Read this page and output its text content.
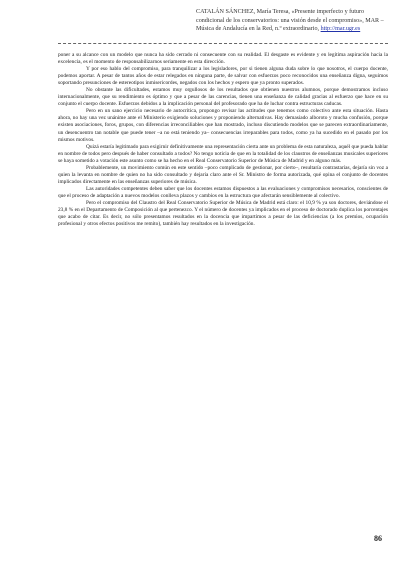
CATALÁN SÁNCHEZ, María Teresa, «Presente imperfecto y futuro condicional de los conservatorios: una visión desde el compromiso», MAR – Música de Andalucía en la Red, n.º extraordinario, http://mar.ugr.es

poner a su alcance con un modelo que nunca ha sido cerrado ni consecuente con su realidad. El desgaste es evidente y en legítima aspiración hacia la excelencia, es el momento de responsabilizarnos seriamente en esta dirección.

Y por eso hablo del compromiso, para tranquilizar a los legisladores, por si tienen alguna duda sobre lo que nosotros, el cuerpo docente, podemos aportar. A pesar de tantos años de estar relegados en ninguna parte, de salvar con esfuerzos poco reconocidos una enseñanza digna, seguimos soportando presunciones de estereotipos inmisericordes, negados con los hechos y espero que ya pronto superados.

No obstante las dificultades, estamos muy orgullosos de los resultados que obtienen nuestros alumnos, porque demostramos incluso internacionalmente, que su rendimiento es óptimo y que a pesar de las carencias, tienen una enseñanza de calidad gracias al esfuerzo que hace en su conjunto el cuerpo docente. Esfuerzos debidos a la implicación personal del profesorado que ha de luchar contra estructuras caducas.

Pero en un sano ejercicio necesario de autocrítica, propongo revisar las actitudes que tenemos como colectivo ante esta situación. Hasta ahora, no hay una vez unánime ante el Ministerio exigiendo soluciones y proponiendo alternativas. Hay demasiado alboroto y mucha confusión, porque existen asociaciones, foros, grupos, con diferencias irreconciliables que han mostrado, incluso discutiendo modelos que se parecen extraordinariamente, un desencuentro tan notable que puede tener –a no está teniendo ya– consecuencias irreparables para todos, como ya ha sucedido en el pasado por los mismos motivos.

Quizá estaría legitimado para exigirnir definitivamente una representación cierta ante un problema de esta naturaleza, aquél que pueda hablar en nombre de todos pero después de haber consultado a todos? No tengo noticia de que en la totalidad de los claustros de enseñanzas musicales superiores se haya sometido a votación este asunto como se ha hecho en el Real Conservatorio Superior de Música de Madrid y en alguno más.

Probablemente, un movimiento común en este sentido –poco complicado de gestionar, por cierto–, resultaría contrastarías, dejaría sin voz a quien la levanta en nombre de quien no ha sido consultado y dejaría claro ante el Sr. Ministro de forma autorizada, qué opina el conjunto de docentes implicados directamente en las enseñanzas superiores de música.

Las autoridades competentes deben saber que los docentes estamos dispuestos a las evaluaciones y compromisos necesarios, conscientes de que el proceso de adaptación a nuevos modelos conlleva plazos y cambios en la estructura que afectarán sensiblemente al colectivo.

Pero el compromiso del Claustro del Real Conservatorio Superior de Música de Madrid está claro: el 10,9 % ya son doctores, deviándose el 23,8 % en el Departamento de Composición al que pertenezco. Y el número de docentes ya implicados en el proceso de doctorado duplica los porcentajes que acabo de citar. Es decir, no sólo presentamos resultados en la docencia que impartimos a pesar de las deficiencias (a los premios, ocupación profesional y otros efectos positivos me remito), también hay resultados en la investigación.

86
